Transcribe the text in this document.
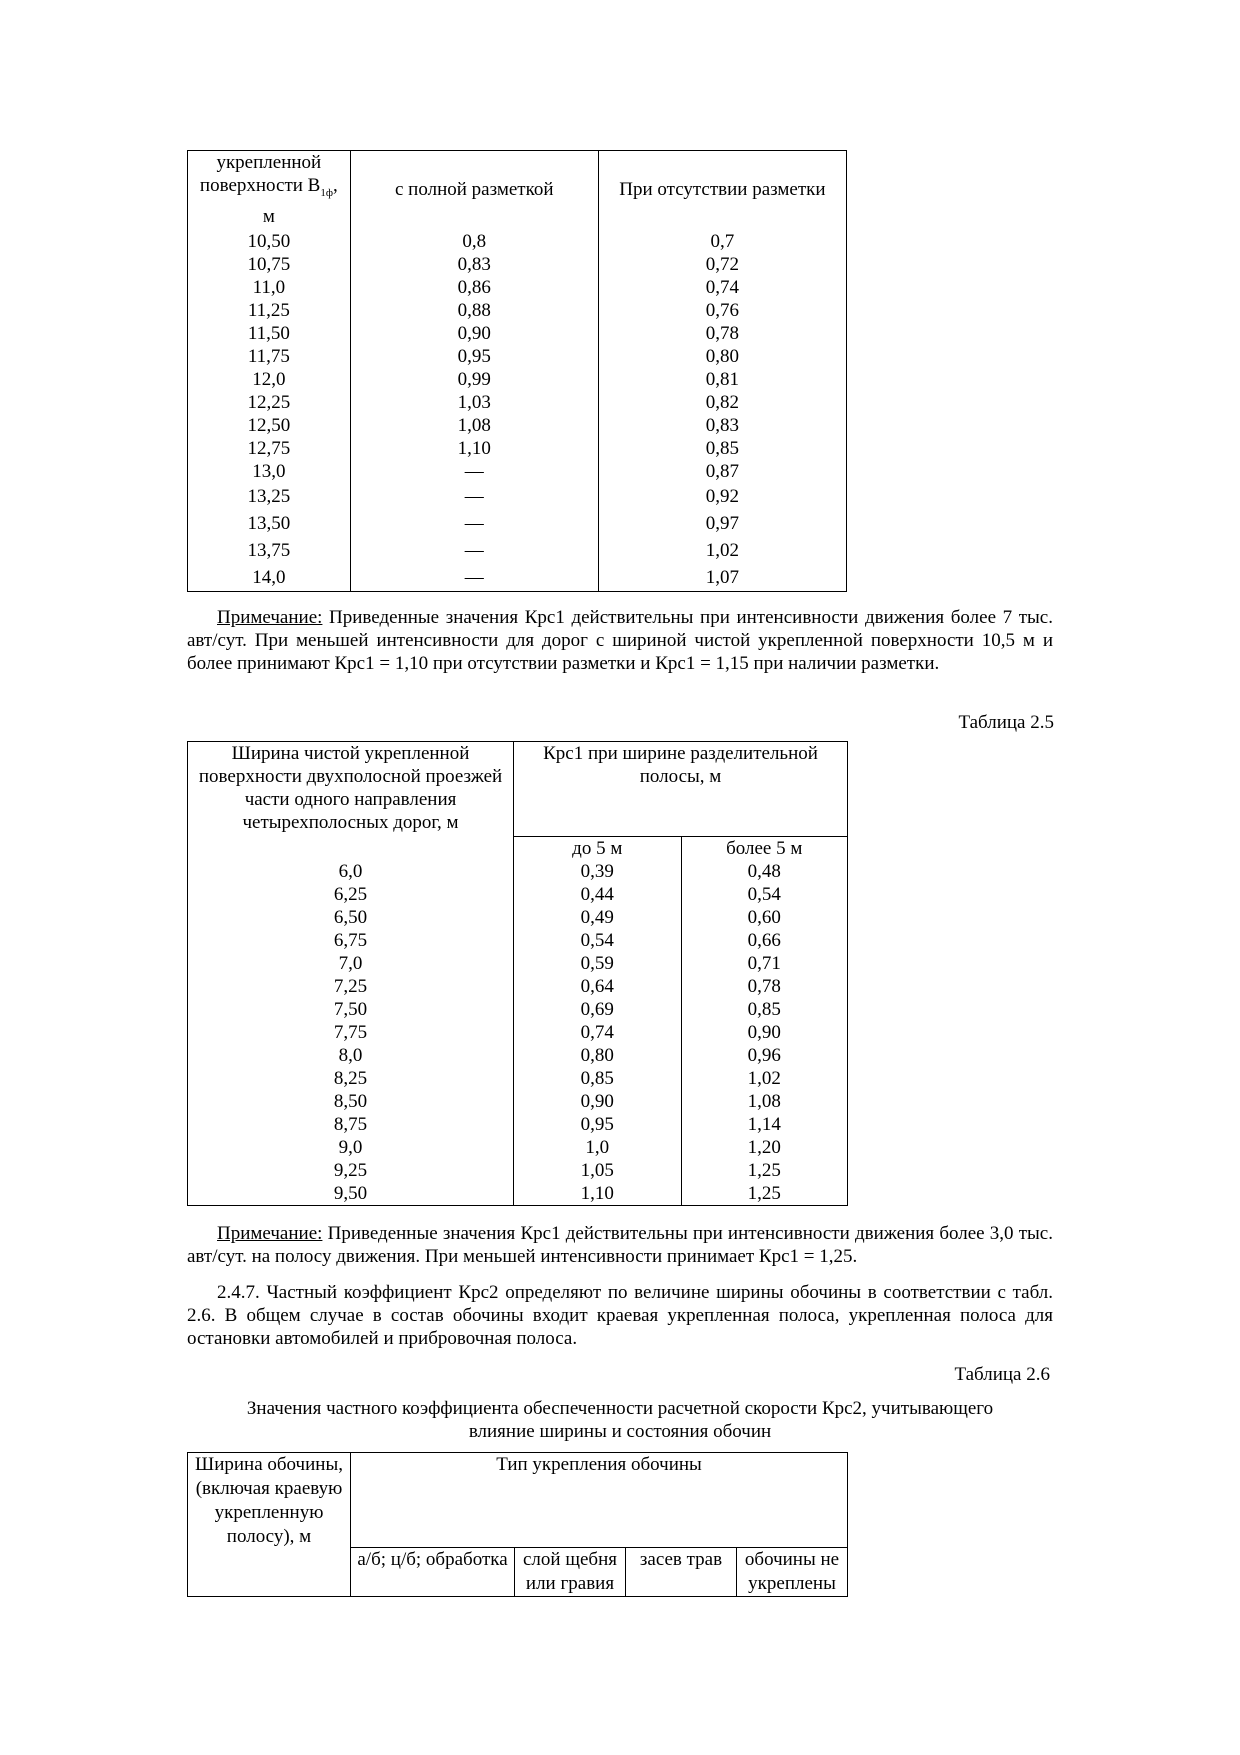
укрепленной
поверхности $В_{1ф}$,
м	с полной разметкой	При отсутствии разметки
10,50	0,8	0,7
10,75	0,83	0,72
11,0	0,86	0,74
11,25	0,88	0,76
11,50	0,90	0,78
11,75	0,95	0,80
12,0	0,99	0,81
12,25	1,03	0,82
12,50	1,08	0,83
12,75	1,10	0,85
13,0	—	0,87
13,25	—	0,92
13,50	—	0,97
13,75	—	1,02
14,0	—	1,07

Примечание: Приведенные значения Крс1 действительны при интенсивности движения более 7 тыс. авт/сут. При меньшей интенсивности для дорог с шириной чистой укрепленной поверхности 10,5 м и более принимают Крс1 = 1,10 при отсутствии разметки и Крс1 = 1,15 при наличии разметки.

Таблица 2.5

Ширина чистой укрепленной поверхности двухполосной проезжей части одного направления четырехполосных дорог, м	Крс1 при ширине разделительной полосы, м	
	до 5 м	более 5 м
6,0	0,39	0,48
6,25	0,44	0,54
6,50	0,49	0,60
6,75	0,54	0,66
7,0	0,59	0,71
7,25	0,64	0,78
7,50	0,69	0,85
7,75	0,74	0,90
8,0	0,80	0,96
8,25	0,85	1,02
8,50	0,90	1,08
8,75	0,95	1,14
9,0	1,0	1,20
9,25	1,05	1,25
9,50	1,10	1,25

Примечание: Приведенные значения Крс1 действительны при интенсивности движения более 3,0 тыс. авт/сут. на полосу движения. При меньшей интенсивности принимает Крс1 = 1,25.

2.4.7. Частный коэффициент Крс2 определяют по величине ширины обочины в соответствии с табл. 2.6. В общем случае в состав обочины входит краевая укрепленная полоса, укрепленная полоса для остановки автомобилей и прибровочная полоса.

Таблица 2.6

Значения частного коэффициента обеспеченности расчетной скорости Крс2, учитывающего
влияние ширины и состояния обочин

Ширина обочины, (включая краевую укрепленную полосу), м	Тип укрепления обочины			
	а/б; ц/б; обработка	слой щебня или гравия	засев трав	обочины не укреплены
